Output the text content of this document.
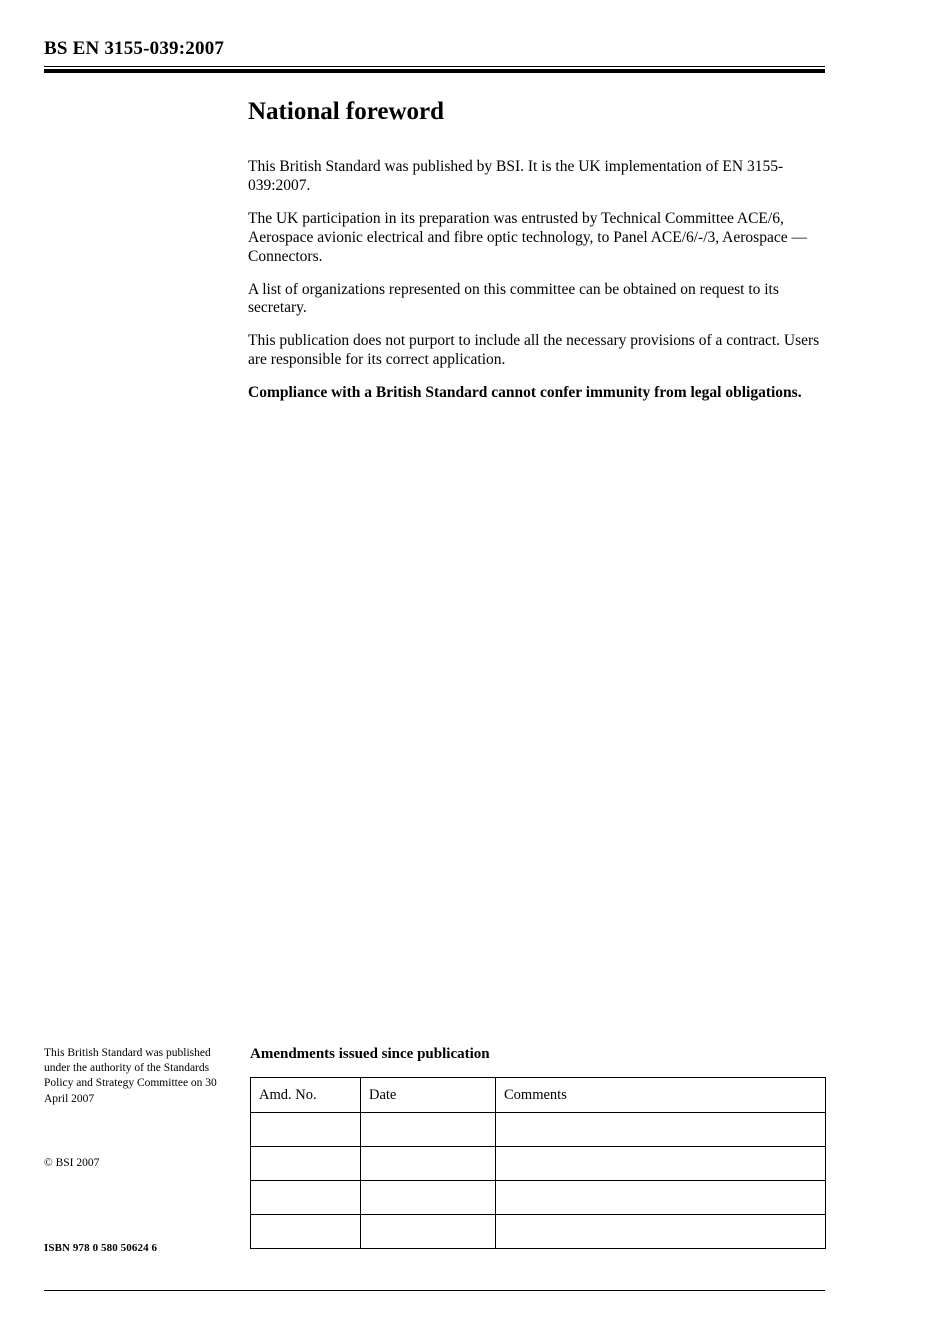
BS EN 3155-039:2007
National foreword

This British Standard was published by BSI. It is the UK implementation of EN 3155-039:2007.

The UK participation in its preparation was entrusted by Technical Committee ACE/6, Aerospace avionic electrical and fibre optic technology, to Panel ACE/6/-/3, Aerospace — Connectors.

A list of organizations represented on this committee can be obtained on request to its secretary.

This publication does not purport to include all the necessary provisions of a contract. Users are responsible for its correct application.

Compliance with a British Standard cannot confer immunity from legal obligations.

This British Standard was published under the authority of the Standards Policy and Strategy Committee on 30 April 2007

© BSI 2007
ISBN 978 0 580 50624 6
Amendments issued since publication
Amd. No.	Date	Comments
